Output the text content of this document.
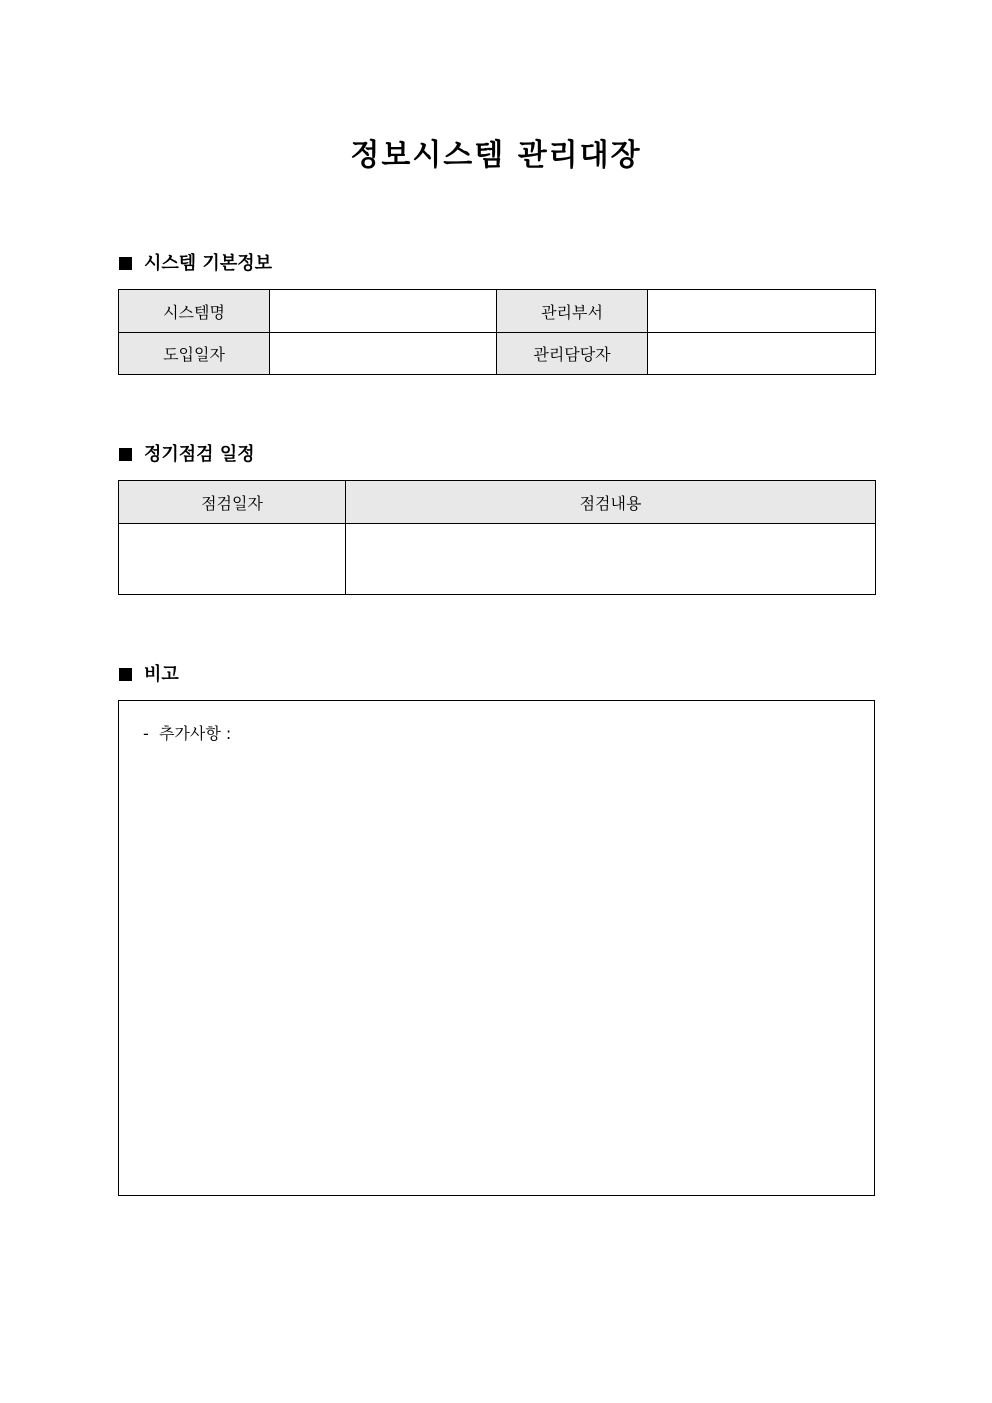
정보시스템 관리대장
시스템 기본정보
시스템명		관리부서	
도입일자		관리담당자	
정기점검 일정
점검일자	점검내용

비고
-  추가사항 :
